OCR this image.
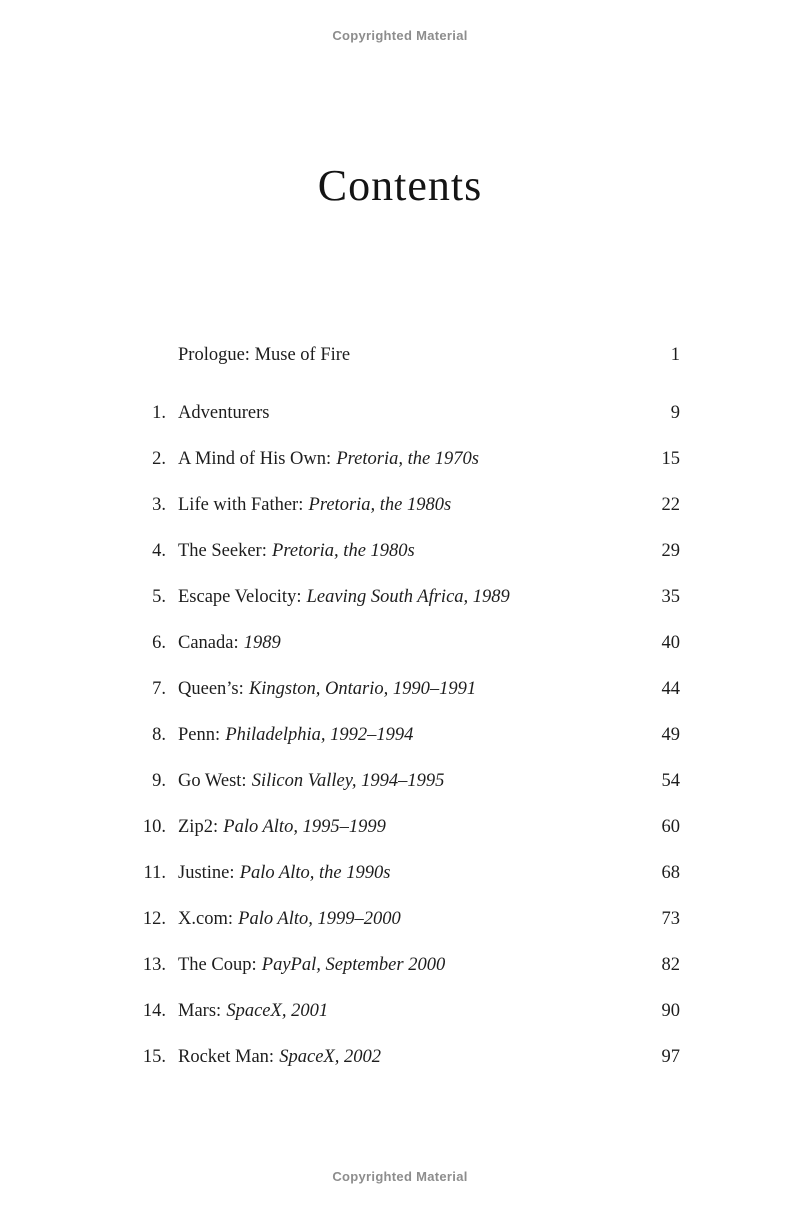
Copyrighted Material
Contents
Prologue: Muse of Fire	1
1. Adventurers	9
2. A Mind of His Own: Pretoria, the 1970s	15
3. Life with Father: Pretoria, the 1980s	22
4. The Seeker: Pretoria, the 1980s	29
5. Escape Velocity: Leaving South Africa, 1989	35
6. Canada: 1989	40
7. Queen’s: Kingston, Ontario, 1990–1991	44
8. Penn: Philadelphia, 1992–1994	49
9. Go West: Silicon Valley, 1994–1995	54
10. Zip2: Palo Alto, 1995–1999	60
11. Justine: Palo Alto, the 1990s	68
12. X.com: Palo Alto, 1999–2000	73
13. The Coup: PayPal, September 2000	82
14. Mars: SpaceX, 2001	90
15. Rocket Man: SpaceX, 2002	97
Copyrighted Material
